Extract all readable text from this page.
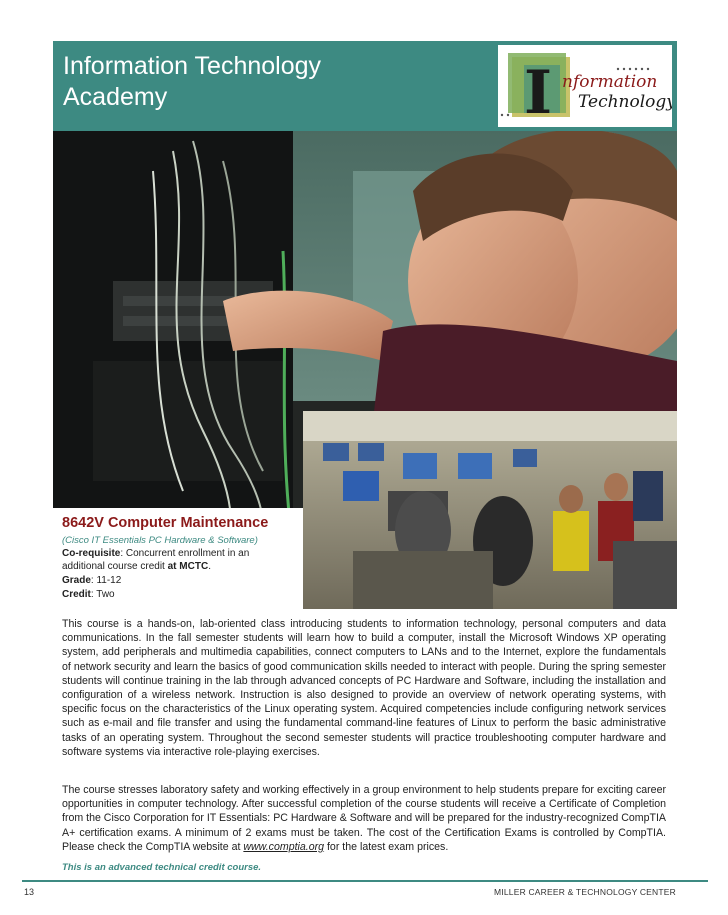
Information Technology
Academy	I nformation
Technology
8642V Computer Maintenance
(Cisco IT Essentials PC Hardware & Software)
Co-requisite: Concurrent enrollment in an
additional course credit at MCTC.
Grade: 11-12
Credit: Two
This course is a hands-on, lab-oriented class introducing students to information technology, personal computers and data communications. In the fall semester students will learn how to build a computer, install the Microsoft Windows XP operating system, add peripherals and multimedia capabilities, connect computers to LANs and to the Internet, explore the fundamentals of network security and learn the basics of good communication skills needed to interact with people. During the spring semester students will continue training in the lab through advanced concepts of PC Hardware and Software, including the installation and configuration of a wireless network. Instruction is also designed to provide an overview of network operating systems, with specific focus on the characteristics of the Linux operating system. Acquired competencies include configuring network services such as e-mail and file transfer and using the fundamental command-line features of Linux to perform the basic administrative tasks of an operating system. Throughout the second semester students will practice troubleshooting computer hardware and software systems via interactive role-playing exercises.
The course stresses laboratory safety and working effectively in a group environment to help students prepare for exciting career opportunities in computer technology. After successful completion of the course students will receive a Certificate of Completion from the Cisco Corporation for IT Essentials: PC Hardware & Software and will be prepared for the industry-recognized CompTIA A+ certification exams. A minimum of 2 exams must be taken. The cost of the Certification Exams is controlled by CompTIA. Please check the CompTIA website at www.comptia.org for the latest exam prices.
This is an advanced technical credit course.
13	MILLER CAREER & TECHNOLOGY CENTER
